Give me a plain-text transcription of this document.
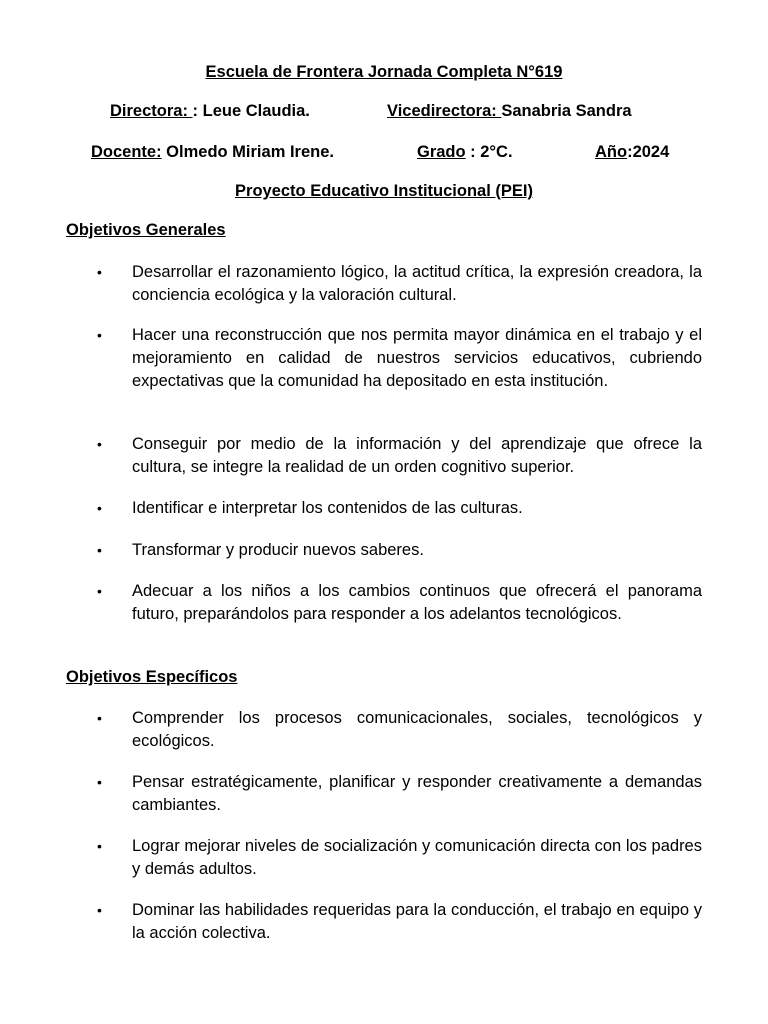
Escuela de Frontera Jornada Completa N°619
Directora: : Leue Claudia.	Vicedirectora: Sanabria Sandra
Docente: Olmedo Miriam Irene.	Grado : 2°C.	Año:2024
Proyecto Educativo Institucional (PEI)
Objetivos Generales
•	Desarrollar el razonamiento lógico, la actitud crítica, la expresión creadora, la conciencia ecológica y la valoración cultural.
•	Hacer una reconstrucción que nos permita mayor dinámica en el trabajo y el mejoramiento en calidad de nuestros servicios educativos, cubriendo expectativas que la comunidad ha depositado en esta institución.
•	Conseguir por medio de la información y del aprendizaje que ofrece la cultura, se integre la realidad de un orden cognitivo superior.
•	Identificar e interpretar los contenidos de las culturas.
•	Transformar y producir nuevos saberes.
•	Adecuar a los niños a los cambios continuos que ofrecerá el panorama futuro, preparándolos para responder a los adelantos tecnológicos.
Objetivos Específicos
•	Comprender los procesos comunicacionales, sociales, tecnológicos y ecológicos.
•	Pensar estratégicamente, planificar y responder creativamente a demandas cambiantes.
•	Lograr mejorar niveles de socialización y comunicación directa con los padres y demás adultos.
•	Dominar las habilidades requeridas para la conducción, el trabajo en equipo y la acción colectiva.
